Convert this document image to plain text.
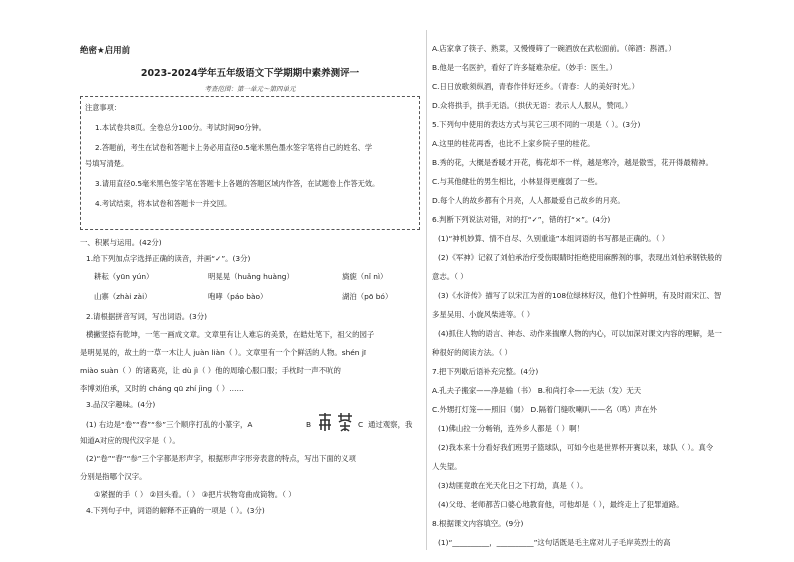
绝密★启用前
2023-2024学年五年级语文下学期期中素养测评一
考查范围：第一单元～第四单元
注意事项：
1.本试卷共8页。全卷总分100分。考试时间90分钟。
2.答题前，考生在试卷和答题卡上务必用直径0.5毫米黑色墨水签字笔将自己的姓名、学
号填写清楚。
3.请用直径0.5毫米黑色签字笔在答题卡上各题的答题区域内作答，在试题卷上作答无效。
4.考试结束，将本试卷和答题卡一并交回。
一、积累与运用。(42分)
1.给下列加点字选择正确的读音，并画“✓”。(3分)
耕耘（yūn yún）	明晃晃（huǎng huàng）	旖旎（nǐ nì）
山寨（zhài zài）	咆哮（páo bào）	湖泊（pō bó）
2.请根据拼音写词，写出词语。(3分)
横撇竖捺有乾坤，一笔一画成文章。文章里有让人难忘的美景，在皓灶笔下，祖父的园子
是明晃晃的，故土的一草一木让人 juàn liàn（ ）。文章里有一个个鲜活的人物。shén jī
miào suàn（ ）的诸葛亮，让 dù jì（ ）他的周瑜心服口服；手枕时一声不吭的
李博刘伯承，又时的 cháng qū zhí jìng（ ）……
3.品汉字趣味。(4分)
(1) 右边是“卷”“舂”“参”三个顺序打乱的小篆字，A	B	C 通过观察，我
知道A对应的现代汉字是（ ）。
(2)“卷”“舂”“参”三个字都是形声字，根据形声字形旁表意的特点，写出下面的义项
分别是指哪个汉字。
①紧握的手（ ） ②回头看。（ ） ③把片状物弯曲成筒物。（ ）
4.下列句子中，词语的解释不正确的一项是（ ）。(3分)
A.店家拿了筷子、熟菜，又慢慢筛了一碗酒放在武松面前。（筛酒：斟酒。）
B.他是一名医护，看好了许多疑难杂症。（妙手：医生。）
C.日日放歌须纵酒，青春作伴好还乡。（青春：人的美好时光。）
D.众将拱手，拱手无语。（拱伏无语：表示人人服从，赞同。）
5.下列句中使用的表达方式与其它三项不同的一项是（ ）。(3分)
A.这里的桂花再香，也比不上家乡院子里的桂花。
B.秀的花，大概是香暖才开花，梅花却不一样，越是寒冷，越是傲雪，花开得最精神。
C.与其他健壮的男生相比，小林显得更瘦弱了一些。
D.每个人的故乡都有个月亮，人人都最爱自己故乡的月亮。
6.判断下列说法对错，对的打“✓”，错的打“×”。(4分)
(1)“神机妙算、情不自尽、久别重逢”本组词语的书写都是正确的。（ ）
(2)《军神》记叙了刘伯承治疗受伤眼睛时拒绝使用麻醉剂的事，表现出刘伯承钢铁般的
意志。（ ）
(3)《水浒传》描写了以宋江为首的108位绿林好汉，他们个性鲜明，有及时雨宋江、智
多星吴用、小旋风柴进等。（ ）
(4)抓住人物的语言、神态、动作来揣摩人物的内心，可以加深对课文内容的理解，是一
种很好的阅读方法。（ ）
7.把下列歇后语补充完整。(4分)
A.孔夫子搬家——净是输（书） B.和尚打伞——无法（发）无天
C.外甥打灯笼——照旧（舅） D.隔着门缝吹喇叭——名（鸣）声在外
(1)佛山拉一分畅销，连外乡人都是（ ）啊！
(2)我本来十分看好我们班男子篮球队，可如今也是世界杯开赛以来，球队（ ）。真令
人失望。
(3)劫匪竟敢在光天化日之下打劫，真是（ ）。
(4)父母、老师都苦口婆心地教育他，可他却是（ ），最终走上了犯罪道路。
8.根据课文内容填空。(9分)
(1)“__________，__________”这句话既是毛主席对儿子毛岸英烈士的高
